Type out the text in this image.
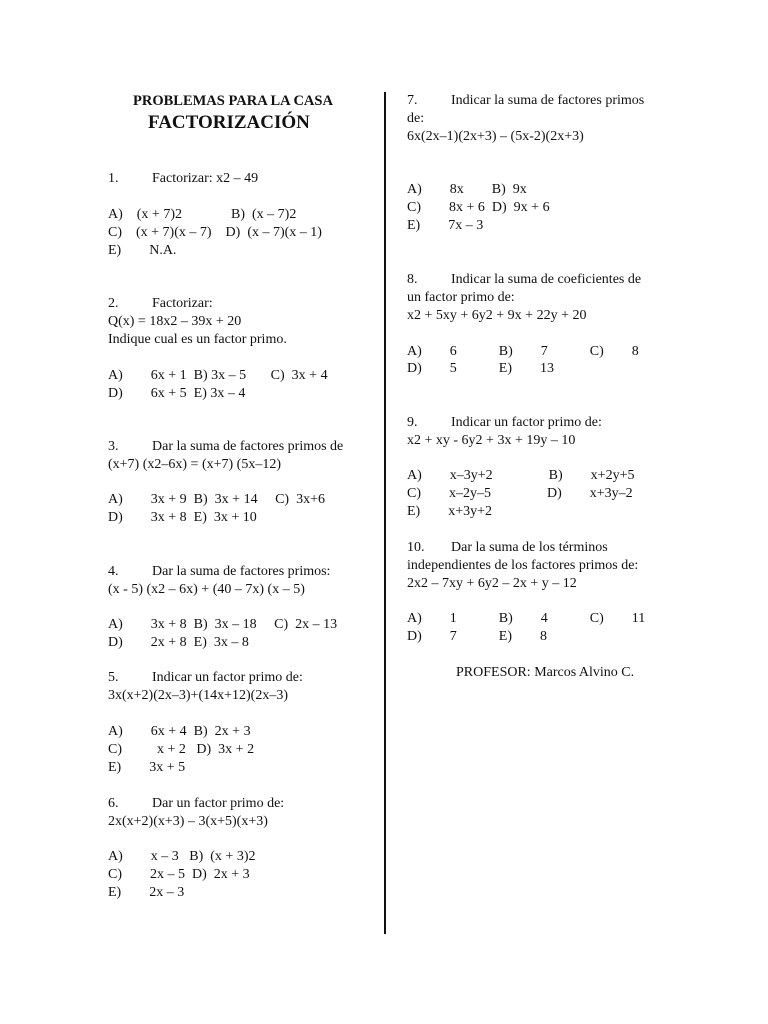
PROBLEMAS PARA LA CASA
FACTORIZACIÓN
1. Factorizar: x2 – 49
A)    (x + 7)2              B)  (x – 7)2
C)    (x + 7)(x – 7)    D)  (x – 7)(x – 1)
E)        N.A.
2. Factorizar:
Q(x) = 18x2 – 39x + 20
Indique cual es un factor primo.
A)        6x + 1  B) 3x – 5       C)  3x + 4
D)        6x + 5  E) 3x – 4
3. Dar la suma de factores primos de
(x+7) (x2–6x) = (x+7) (5x–12)
A)        3x + 9  B)  3x + 14     C)  3x+6
D)        3x + 8  E)  3x + 10
4. Dar la suma de factores primos:
(x - 5) (x2 – 6x) + (40 – 7x) (x – 5)
A)        3x + 8  B)  3x – 18     C)  2x – 13
D)        2x + 8  E)  3x – 8
5. Indicar un factor primo de:
3x(x+2)(2x–3)+(14x+12)(2x–3)
A)        6x + 4  B)  2x + 3
C)          x + 2   D)  3x + 2
E)        3x + 5
6. Dar un factor primo de:
2x(x+2)(x+3) – 3(x+5)(x+3)
A)        x – 3   B)  (x + 3)2
C)        2x – 5  D)  2x + 3
E)        2x – 3
7. Indicar la suma de factores primos
de:
6x(2x–1)(2x+3) – (5x-2)(2x+3)
A)        8x        B)  9x
C)        8x + 6  D)  9x + 6
E)        7x – 3
8. Indicar la suma de coeficientes de
un factor primo de:
x2 + 5xy + 6y2 + 9x + 22y + 20
A)        6            B)        7            C)        8
D)        5            E)        13
9. Indicar un factor primo de:
x2 + xy - 6y2 + 3x + 19y – 10
A)        x–3y+2                B)        x+2y+5
C)        x–2y–5                D)        x+3y–2
E)        x+3y+2
10. Dar la suma de los términos
independientes de los factores primos de:
2x2 – 7xy + 6y2 – 2x + y – 12
A)        1            B)        4            C)        11
D)        7            E)        8
PROFESOR: Marcos Alvino C.
